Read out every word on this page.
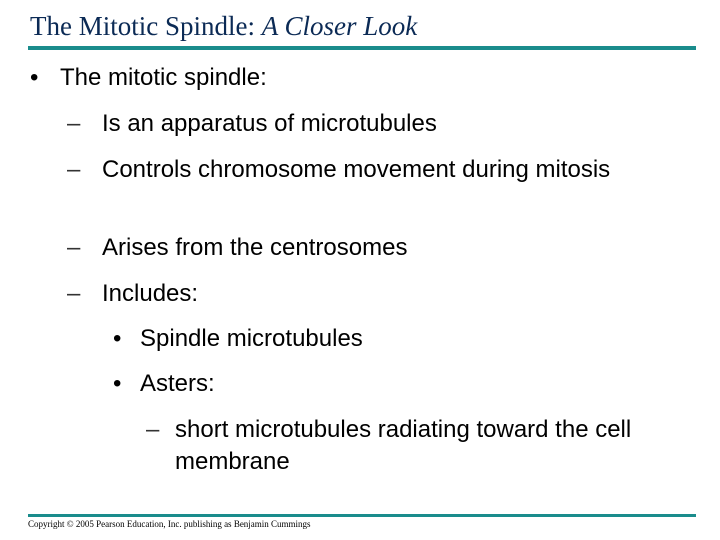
The Mitotic Spindle: A Closer Look
• The mitotic spindle:
– Is an apparatus of microtubules
– Controls chromosome movement during mitosis
– Arises from the centrosomes
– Includes:
• Spindle microtubules
• Asters:
– short microtubules radiating toward the cell membrane
Copyright © 2005 Pearson Education, Inc. publishing as Benjamin Cummings
